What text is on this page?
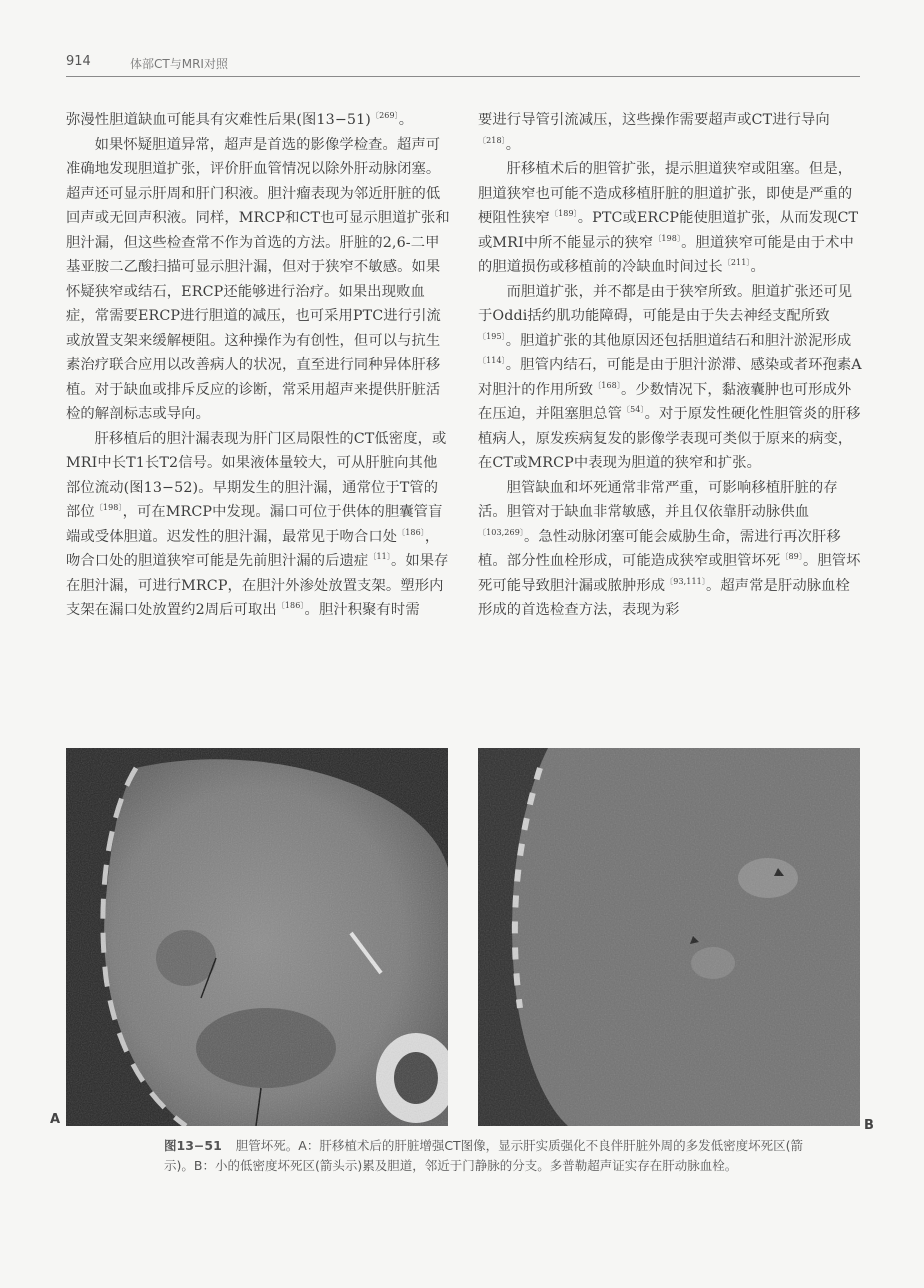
914	体部CT与MRI对照

弥漫性胆道缺血可能具有灾难性后果(图13−51)$^{〔269〕}$。

如果怀疑胆道异常，超声是首选的影像学检查。超声可准确地发现胆道扩张，评价肝血管情况以除外肝动脉闭塞。超声还可显示肝周和肝门积液。胆汁瘤表现为邻近肝脏的低回声或无回声积液。同样，MRCP和CT也可显示胆道扩张和胆汁漏，但这些检查常不作为首选的方法。肝脏的2,6-二甲基亚胺二乙酸扫描可显示胆汁漏，但对于狭窄不敏感。如果怀疑狭窄或结石，ERCP还能够进行治疗。如果出现败血症，常需要ERCP进行胆道的减压，也可采用PTC进行引流或放置支架来缓解梗阻。这种操作为有创性，但可以与抗生素治疗联合应用以改善病人的状况，直至进行同种异体肝移植。对于缺血或排斥反应的诊断，常采用超声来提供肝脏活检的解剖标志或导向。

肝移植后的胆汁漏表现为肝门区局限性的CT低密度，或MRI中长T1长T2信号。如果液体量较大，可从肝脏向其他部位流动(图13−52)。早期发生的胆汁漏，通常位于T管的部位$^{〔198〕}$，可在MRCP中发现。漏口可位于供体的胆囊管盲端或受体胆道。迟发性的胆汁漏，最常见于吻合口处$^{〔186〕}$，吻合口处的胆道狭窄可能是先前胆汁漏的后遗症$^{〔11〕}$。如果存在胆汁漏，可进行MRCP，在胆汁外渗处放置支架。塑形内支架在漏口处放置约2周后可取出$^{〔186〕}$。胆汁积聚有时需

要进行导管引流减压，这些操作需要超声或CT进行导向$^{〔218〕}$。

肝移植术后的胆管扩张，提示胆道狭窄或阻塞。但是，胆道狭窄也可能不造成移植肝脏的胆道扩张，即使是严重的梗阻性狭窄$^{〔189〕}$。PTC或ERCP能使胆道扩张，从而发现CT或MRI中所不能显示的狭窄$^{〔198〕}$。胆道狭窄可能是由于术中的胆道损伤或移植前的冷缺血时间过长$^{〔211〕}$。

而胆道扩张，并不都是由于狭窄所致。胆道扩张还可见于Oddi括约肌功能障碍，可能是由于失去神经支配所致$^{〔195〕}$。胆道扩张的其他原因还包括胆道结石和胆汁淤泥形成$^{〔114〕}$。胆管内结石，可能是由于胆汁淤滞、感染或者环孢素A对胆汁的作用所致$^{〔168〕}$。少数情况下，黏液囊肿也可形成外在压迫，并阻塞胆总管$^{〔54〕}$。对于原发性硬化性胆管炎的肝移植病人，原发疾病复发的影像学表现可类似于原来的病变，在CT或MRCP中表现为胆道的狭窄和扩张。

胆管缺血和坏死通常非常严重，可影响移植肝脏的存活。胆管对于缺血非常敏感，并且仅依靠肝动脉供血$^{〔103,269〕}$。急性动脉闭塞可能会威胁生命，需进行再次肝移植。部分性血栓形成，可能造成狭窄或胆管坏死$^{〔89〕}$。胆管坏死可能导致胆汁漏或脓肿形成$^{〔93,111〕}$。超声常是肝动脉血栓形成的首选检查方法，表现为彩

A	B
图13−51 胆管坏死。A：肝移植术后的肝脏增强CT图像，显示肝实质强化不良伴肝脏外周的多发低密度坏死区(箭示)。B：小的低密度坏死区(箭头示)累及胆道，邻近于门静脉的分支。多普勒超声证实存在肝动脉血栓。
